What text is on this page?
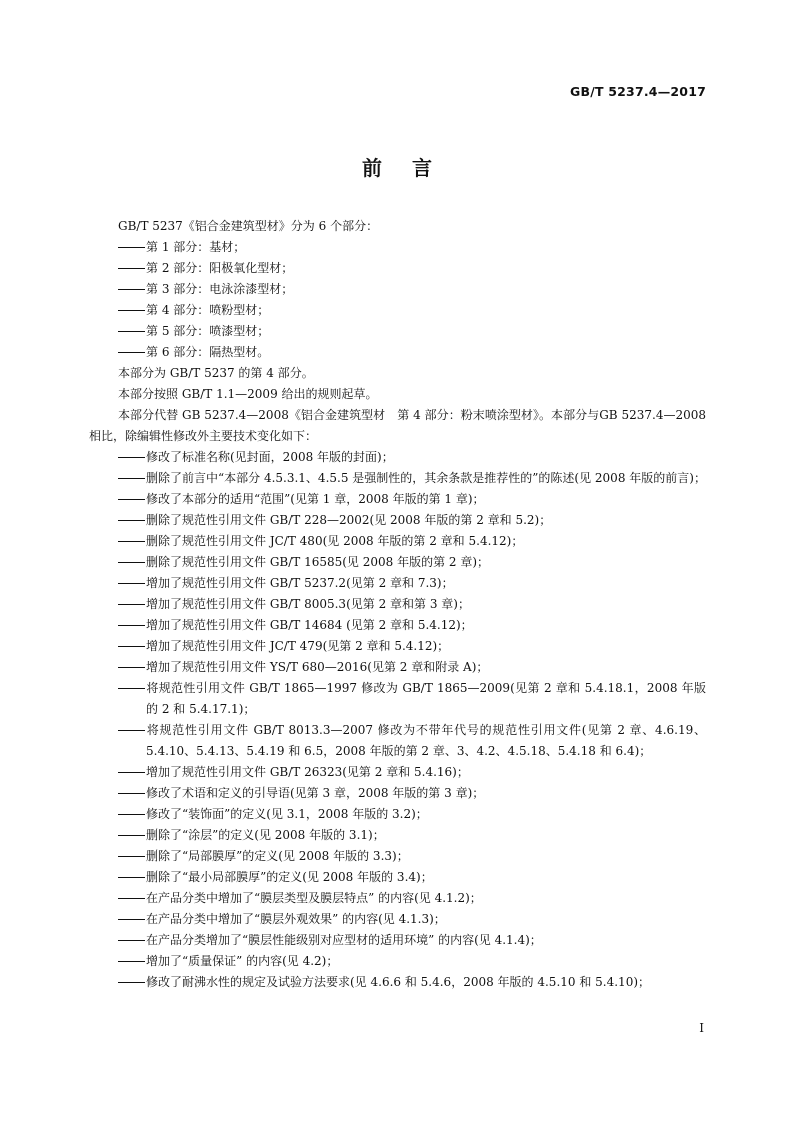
GB/T 5237.4—2017
前言

GB/T 5237《铝合金建筑型材》分为 6 个部分：

第 1 部分：基材；

第 2 部分：阳极氧化型材；

第 3 部分：电泳涂漆型材；

第 4 部分：喷粉型材；

第 5 部分：喷漆型材；

第 6 部分：隔热型材。

本部分为 GB/T 5237 的第 4 部分。

本部分按照 GB/T 1.1—2009 给出的规则起草。

本部分代替 GB 5237.4—2008《铝合金建筑型材　第 4 部分：粉末喷涂型材》。本部分与GB 5237.4—2008 相比，除编辑性修改外主要技术变化如下：

修改了标准名称(见封面，2008 年版的封面)；

删除了前言中“本部分 4.5.3.1、4.5.5 是强制性的，其余条款是推荐性的”的陈述(见 2008 年版的前言)；

修改了本部分的适用“范围”(见第 1 章，2008 年版的第 1 章)；

删除了规范性引用文件 GB/T 228—2002(见 2008 年版的第 2 章和 5.2)；

删除了规范性引用文件 JC/T 480(见 2008 年版的第 2 章和 5.4.12)；

删除了规范性引用文件 GB/T 16585(见 2008 年版的第 2 章)；

增加了规范性引用文件 GB/T 5237.2(见第 2 章和 7.3)；

增加了规范性引用文件 GB/T 8005.3(见第 2 章和第 3 章)；

增加了规范性引用文件 GB/T 14684 (见第 2 章和 5.4.12)；

增加了规范性引用文件 JC/T 479(见第 2 章和 5.4.12)；

增加了规范性引用文件 YS/T 680—2016(见第 2 章和附录 A)；

将规范性引用文件 GB/T 1865—1997 修改为 GB/T 1865—2009(见第 2 章和 5.4.18.1，2008 年版的 2 和 5.4.17.1)；

将规范性引用文件 GB/T 8013.3—2007 修改为不带年代号的规范性引用文件(见第 2 章、4.6.19、5.4.10、5.4.13、5.4.19 和 6.5，2008 年版的第 2 章、3、4.2、4.5.18、5.4.18 和 6.4)；

增加了规范性引用文件 GB/T 26323(见第 2 章和 5.4.16)；

修改了术语和定义的引导语(见第 3 章，2008 年版的第 3 章)；

修改了“装饰面”的定义(见 3.1，2008 年版的 3.2)；

删除了“涂层”的定义(见 2008 年版的 3.1)；

删除了“局部膜厚”的定义(见 2008 年版的 3.3)；

删除了“最小局部膜厚”的定义(见 2008 年版的 3.4)；

在产品分类中增加了“膜层类型及膜层特点” 的内容(见 4.1.2)；

在产品分类中增加了“膜层外观效果” 的内容(见 4.1.3)；

在产品分类增加了“膜层性能级别对应型材的适用环境” 的内容(见 4.1.4)；

增加了“质量保证” 的内容(见 4.2)；

修改了耐沸水性的规定及试验方法要求(见 4.6.6 和 5.4.6，2008 年版的 4.5.10 和 5.4.10)；

I
